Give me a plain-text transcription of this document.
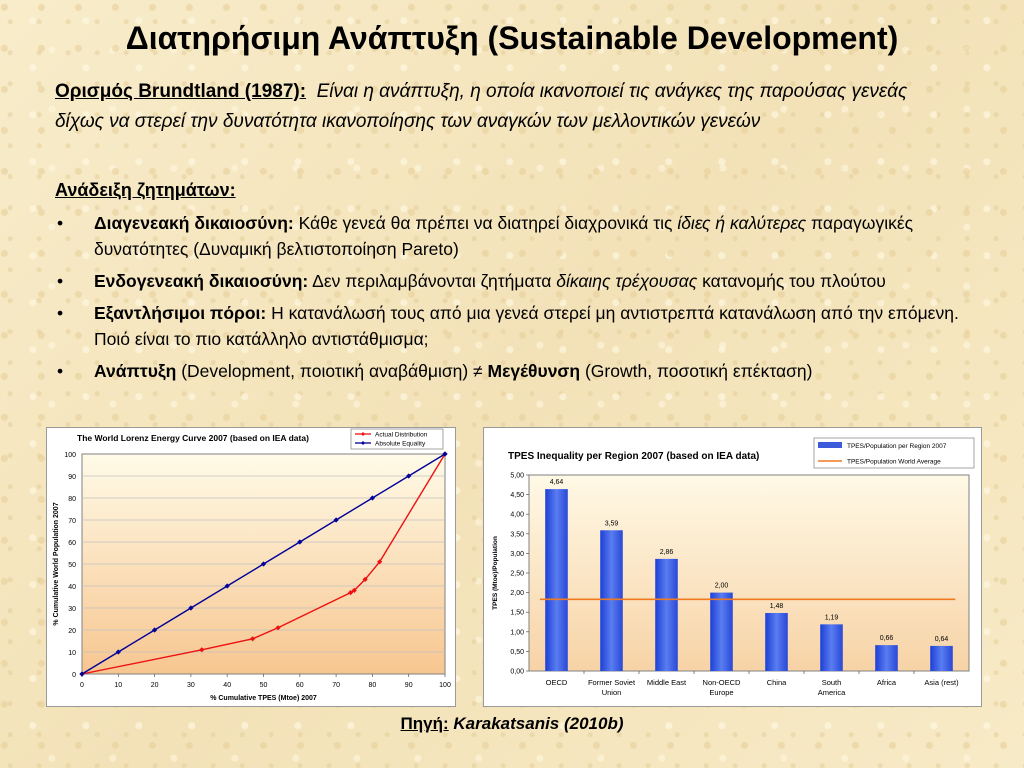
Διατηρήσιμη Ανάπτυξη (Sustainable Development)
Ορισμός Brundtland (1987): Είναι η ανάπτυξη, η οποία ικανοποιεί τις ανάγκες της παρούσας γενεάς δίχως να στερεί την δυνατότητα ικανοποίησης των αναγκών των μελλοντικών γενεών
Ανάδειξη ζητημάτων:
• Διαγενεακή δικαιοσύνη: Κάθε γενεά θα πρέπει να διατηρεί διαχρονικά τις ίδιες ή καλύτερες παραγωγικές δυνατότητες (Δυναμική βελτιστοποίηση Pareto)
• Ενδογενεακή δικαιοσύνη: Δεν περιλαμβάνονται ζητήματα δίκαιης τρέχουσας κατανομής του πλούτου
• Εξαντλήσιμοι πόροι: Η κατανάλωσή τους από μια γενεά στερεί μη αντιστρεπτά κατανάλωση από την επόμενη. Ποιό είναι το πιο κατάλληλο αντιστάθμισμα;
• Ανάπτυξη (Development, ποιοτική αναβάθμιση) ≠ Μεγέθυνση (Growth, ποσοτική επέκταση)
0
10
20
30
40
50
60
70
80
90
100
0	10	20	30	40	50	60	70	80	90	100
The World Lorenz Energy Curve 2007 (based on IEA data)
% Cumulative TPES (Mtoe) 2007
% Cumulative World Population 2007
Actual Distribution
Absolute Equality
0,00
0,50
1,00
1,50
2,00
2,50
3,00
3,50
4,00
4,50
5,00
4,64
OECD
3,59
Former Soviet
Union
2,86
Middle East
2,00
Non-OECD
Europe
1,48
China
1,19
South
America
0,66
Africa
0,64
Asia (rest)
TPES Inequality per Region 2007 (based on IEA data)
TPES (Mtoe)/Population
TPES/Population per Region 2007
TPES/Population World Average
Πηγή: Karakatsanis (2010b)
